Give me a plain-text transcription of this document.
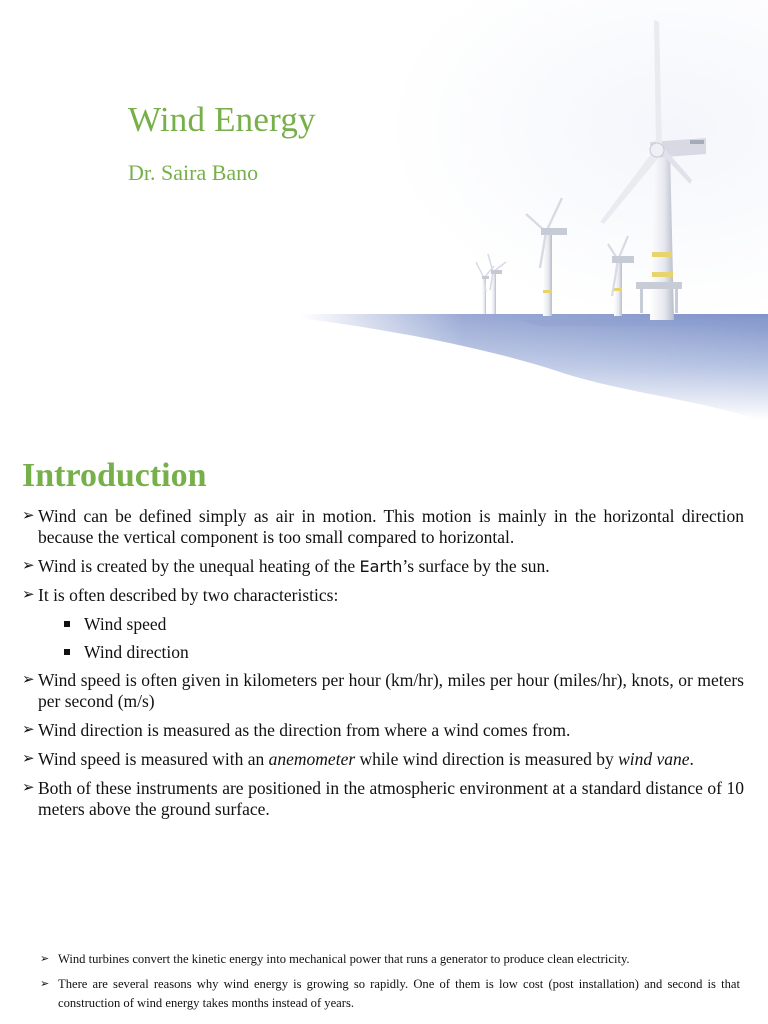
Wind Energy
Dr. Saira Bano
Introduction
➢ Wind can be defined simply as air in motion. This motion is mainly in the horizontal direction because the vertical component is too small compared to horizontal.
➢ Wind is created by the unequal heating of the Earth’s surface by the sun.
➢ It is often described by two characteristics:
Wind speed
Wind direction
➢ Wind speed is often given in kilometers per hour (km/hr), miles per hour (miles/hr), knots, or meters per second (m/s)
➢ Wind direction is measured as the direction from where a wind comes from.
➢ Wind speed is measured with an anemometer while wind direction is measured by wind vane.
➢ Both of these instruments are positioned in the atmospheric environment at a standard distance of 10 meters above the ground surface.
➢ Wind turbines convert the kinetic energy into mechanical power that runs a generator to produce clean electricity.
➢ There are several reasons why wind energy is growing so rapidly. One of them is low cost (post installation) and second is that construction of wind energy takes months instead of years.
